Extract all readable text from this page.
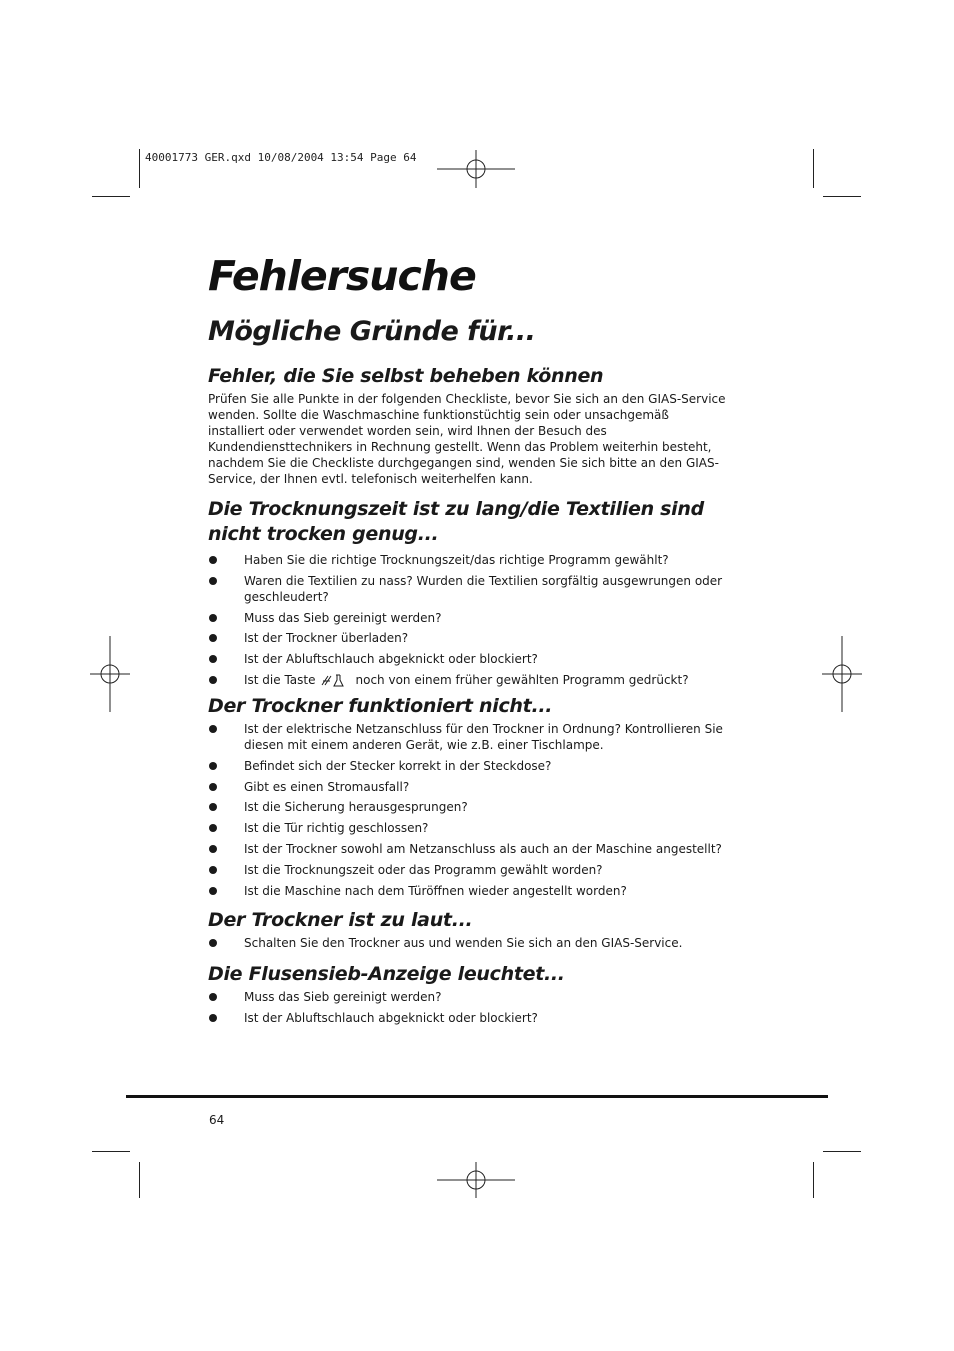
40001773 GER.qxd 10/08/2004 13:54 Page 64
Fehlersuche
Mögliche Gründe für...
Fehler, die Sie selbst beheben können

Prüfen Sie alle Punkte in der folgenden Checkliste, bevor Sie sich an den GIAS-Service wenden. Sollte die Waschmaschine funktionstüchtig sein oder unsachgemäß installiert oder verwendet worden sein, wird Ihnen der Besuch des Kundendiensttechnikers in Rechnung gestellt. Wenn das Problem weiterhin besteht, nachdem Sie die Checkliste durchgegangen sind, wenden Sie sich bitte an den GIAS-Service, der Ihnen evtl. telefonisch weiterhelfen kann.

Die Trocknungszeit ist zu lang/die Textilien sind nicht trocken genug...
Haben Sie die richtige Trocknungszeit/das richtige Programm gewählt?
Waren die Textilien zu nass? Wurden die Textilien sorgfältig ausgewrungen oder geschleudert?
Muss das Sieb gereinigt werden?
Ist der Trockner überladen?
Ist der Abluftschlauch abgeknickt oder blockiert?
Ist die Taste	noch von einem früher gewählten Programm gedrückt?
Der Trockner funktioniert nicht...
Ist der elektrische Netzanschluss für den Trockner in Ordnung? Kontrollieren Sie diesen mit einem anderen Gerät, wie z.B. einer Tischlampe.
Befindet sich der Stecker korrekt in der Steckdose?
Gibt es einen Stromausfall?
Ist die Sicherung herausgesprungen?
Ist die Tür richtig geschlossen?
Ist der Trockner sowohl am Netzanschluss als auch an der Maschine angestellt?
Ist die Trocknungszeit oder das Programm gewählt worden?
Ist die Maschine nach dem Türöffnen wieder angestellt worden?
Der Trockner ist zu laut...
Schalten Sie den Trockner aus und wenden Sie sich an den GIAS-Service.
Die Flusensieb-Anzeige leuchtet...
Muss das Sieb gereinigt werden?
Ist der Abluftschlauch abgeknickt oder blockiert?
64
